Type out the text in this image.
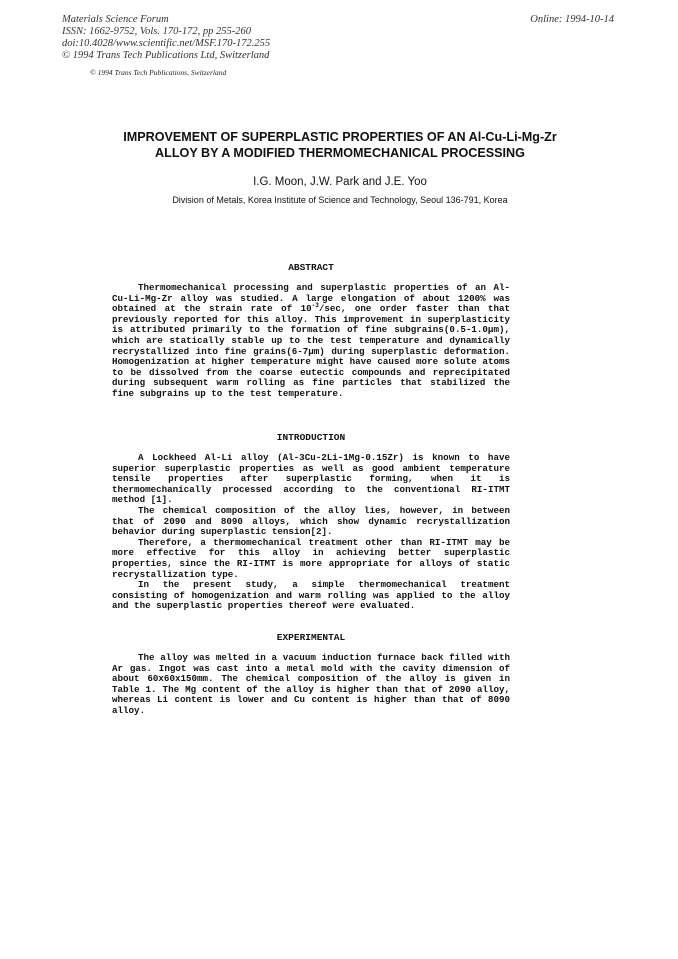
Materials Science Forum
ISSN: 1662-9752, Vols. 170-172, pp 255-260
doi:10.4028/www.scientific.net/MSF.170-172.255
© 1994 Trans Tech Publications Ltd, Switzerland
Online: 1994-10-14
© 1994 Trans Tech Publications, Switzerland
IMPROVEMENT OF SUPERPLASTIC PROPERTIES OF AN Al-Cu-Li-Mg-Zr
ALLOY BY A MODIFIED THERMOMECHANICAL PROCESSING
I.G. Moon, J.W. Park and J.E. Yoo
Division of Metals, Korea Institute of Science and Technology, Seoul 136-791, Korea
ABSTRACT

Thermomechanical processing and superplastic properties of an Al-Cu-Li-Mg-Zr alloy was studied. A large elongation of about 1200% was obtained at the strain rate of $10^{-3}/\sec$, one order faster than that previously reported for this alloy. This improvement in superplasticity is attributed primarily to the formation of fine subgrains(0.5-1.0μm), which are statically stable up to the test temperature and dynamically recrystallized into fine grains(6-7μm) during superplastic deformation. Homogenization at higher temperature might have caused more solute atoms to be dissolved from the coarse eutectic compounds and reprecipitated during subsequent warm rolling as fine particles that stabilized the fine subgrains up to the test temperature.

INTRODUCTION

A Lockheed Al-Li alloy (Al-3Cu-2Li-1Mg-0.15Zr) is known to have superior superplastic properties as well as good ambient temperature tensile properties after superplastic forming, when it is thermomechanically processed according to the conventional RI-ITMT method [1].

The chemical composition of the alloy lies, however, in between that of 2090 and 8090 alloys, which show dynamic recrystallization behavior during superplastic tension[2].

Therefore, a thermomechanical treatment other than RI-ITMT may be more effective for this alloy in achieving better superplastic properties, since the RI-ITMT is more appropriate for alloys of static recrystallization type.

In the present study, a simple thermomechanical treatment consisting of homogenization and warm rolling was applied to the alloy and the superplastic properties thereof were evaluated.

EXPERIMENTAL

The alloy was melted in a vacuum induction furnace back filled with Ar gas. Ingot was cast into a metal mold with the cavity dimension of about 60x60x150mm. The chemical composition of the alloy is given in Table 1. The Mg content of the alloy is higher than that of 2090 alloy, whereas Li content is lower and Cu content is higher than that of 8090 alloy.
